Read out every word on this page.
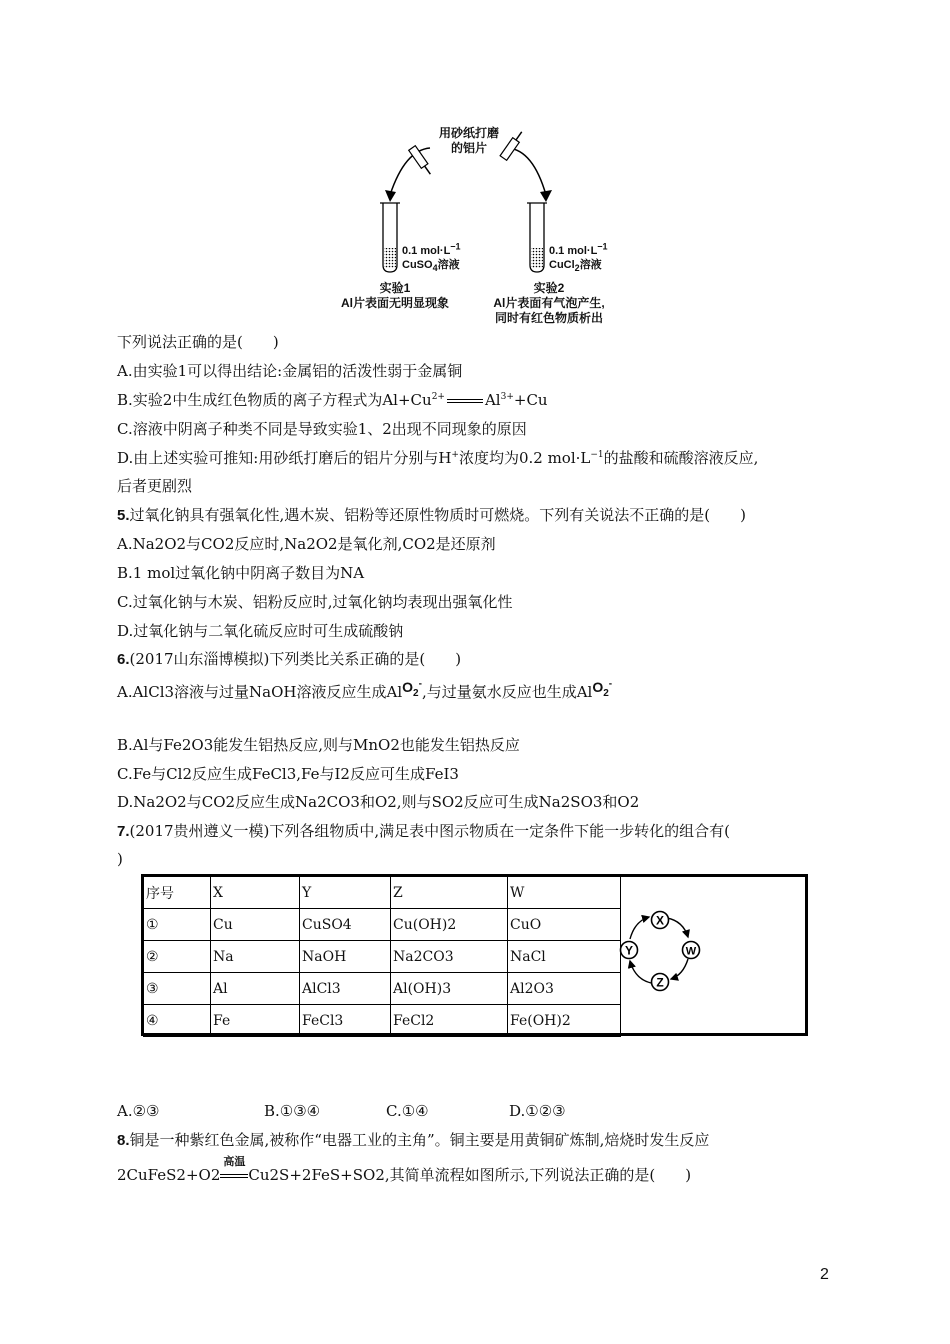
用砂纸打磨
的铝片
0.1 $mol\cdot L^{-1}$
CuSO$_4$溶液
0.1 $mol\cdot L^{-1}$
CuCl$_2$溶液
实验1
Al片表面无明显现象
实验2
Al片表面有气泡产生,
同时有红色物质析出
下列说法正确的是(　　)
A.由实验1可以得出结论:金属铝的活泼性弱于金属铜
B.实验2中生成红色物质的离子方程式为$Al+Cu^{2+}$	$Al^{3+}+Cu$
C.溶液中阴离子种类不同是导致实验1、2出现不同现象的原因
D.由上述实验可推知:用砂纸打磨后的铝片分别与H+浓度均为0.2 $mol\cdot L^{-1}$的盐酸和硫酸溶液反应,
后者更剧烈
5.过氧化钠具有强氧化性,遇木炭、铝粉等还原性物质时可燃烧。下列有关说法不正确的是(　　)
A.Na2O2与CO2反应时,Na2O2是氧化剂,CO2是还原剂
B.1 mol过氧化钠中阴离子数目为NA
C.过氧化钠与木炭、铝粉反应时,过氧化钠均表现出强氧化性
D.过氧化钠与二氧化硫反应时可生成硫酸钠
6.(2017山东淄博模拟)下列类比关系正确的是(　　)
A.AlCl3溶液与过量NaOH溶液反应生成AlO$_2$-,与过量氨水反应也生成AlO$_2$-
B.Al与Fe2O3能发生铝热反应,则与MnO2也能发生铝热反应
C.Fe与Cl2反应生成FeCl3,Fe与I2反应可生成FeI3
D.Na2O2与CO2反应生成Na2CO3和O2,则与SO2反应可生成Na2SO3和O2
7.(2017贵州遵义一模)下列各组物质中,满足表中图示物质在一定条件下能一步转化的组合有(
)
序号	X	Y	Z	W
①	Cu	CuSO4	Cu(OH)2	CuO
②	Na	NaOH	Na2CO3	NaCl
③	Al	AlCl3	Al(OH)3	Al2O3
④	Fe	FeCl3	FeCl2	Fe(OH)2
X
W
Z
Y
A.②③	B.①③④	C.①④	D.①②③
8.铜是一种紫红色金属,被称作“电器工业的主角”。铜主要是用黄铜矿炼制,焙烧时发生反应
2CuFeS2+O2
高温
Cu2S+2FeS+SO2,其简单流程如图所示,下列说法正确的是(　　)
2
